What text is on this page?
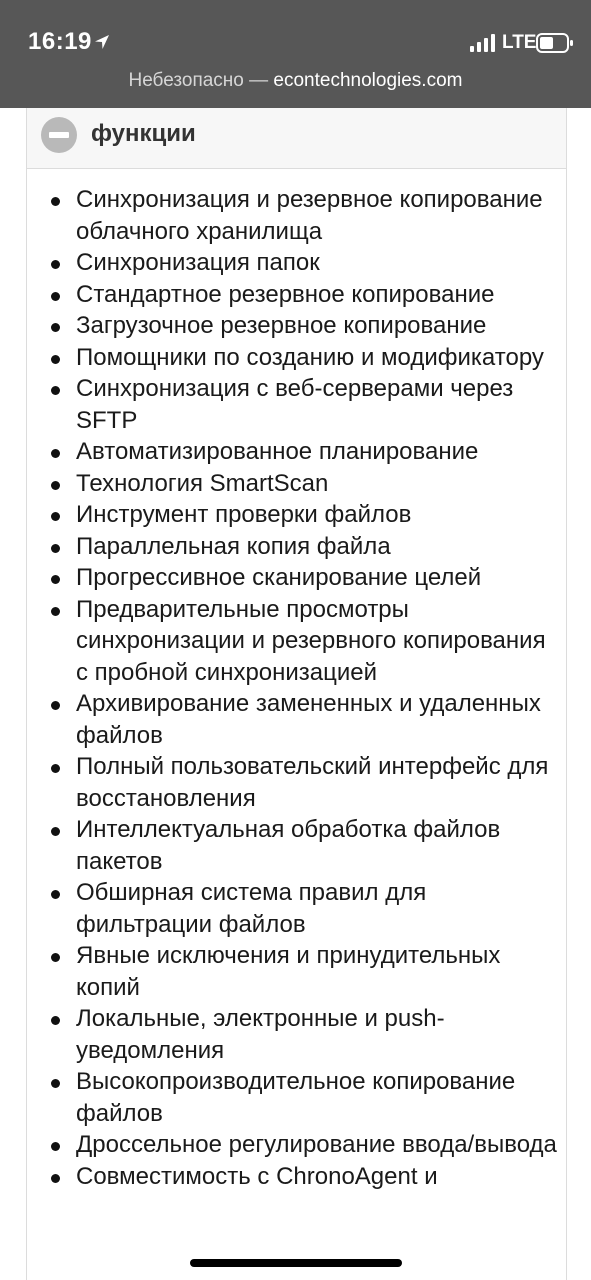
16:19	LTE
Небезопасно — econtechnologies.com
функции
Синхронизация и резервное копирование облачного хранилища
Синхронизация папок
Стандартное резервное копирование
Загрузочное резервное копирование
Помощники по созданию и модификатору
Синхронизация с веб-серверами через SFTP
Автоматизированное планирование
Технология SmartScan
Инструмент проверки файлов
Параллельная копия файла
Прогрессивное сканирование целей
Предварительные просмотры синхронизации и резервного копирования с пробной синхронизацией
Архивирование замененных и удаленных файлов
Полный пользовательский интерфейс для восстановления
Интеллектуальная обработка файлов пакетов
Обширная система правил для фильтрации файлов
Явные исключения и принудительных копий
Локальные, электронные и push-уведомления
Высокопроизводительное копирование файлов
Дроссельное регулирование ввода/вывода
Совместимость с ChronoAgent и
